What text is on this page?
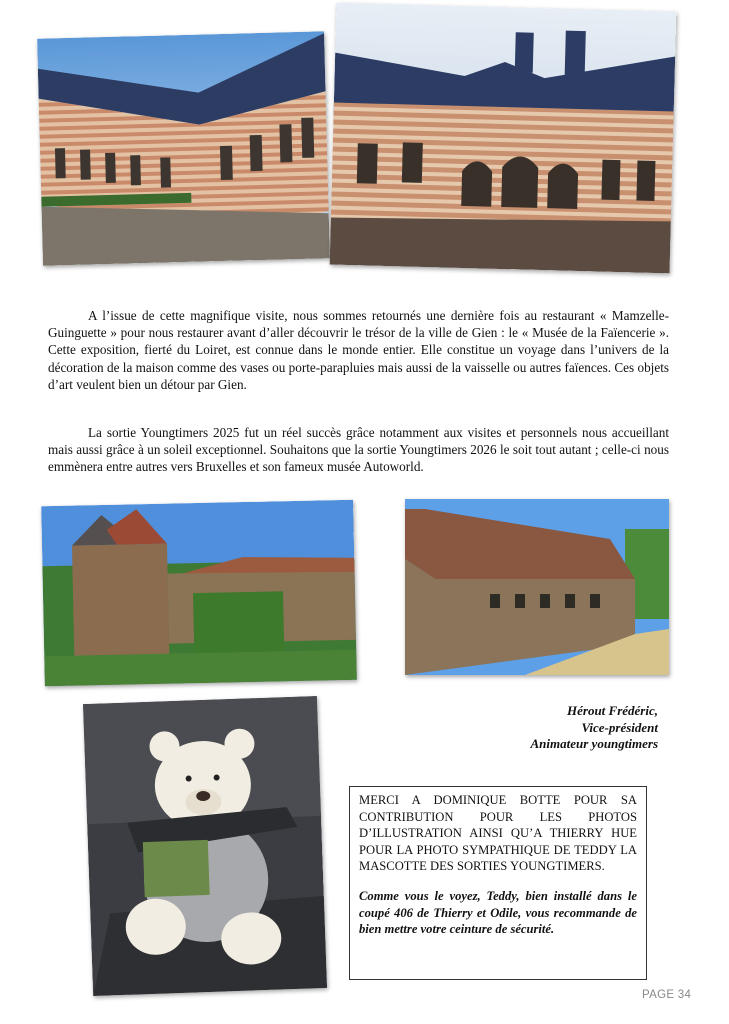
A l’issue de cette magnifique visite, nous sommes retournés une dernière fois au restaurant « Mamzelle-Guinguette » pour nous restaurer avant d’aller découvrir le trésor de la ville de Gien : le « Musée de la Faïencerie ». Cette exposition, fierté du Loiret, est connue dans le monde entier. Elle constitue un voyage dans l’univers de la décoration de la maison comme des vases ou porte-parapluies mais aussi de la vaisselle ou autres faïences. Ces objets d’art veulent bien un détour par Gien.

La sortie Youngtimers 2025 fut un réel succès grâce notamment aux visites et personnels nous accueillant mais aussi grâce à un soleil exceptionnel. Souhaitons que la sortie Youngtimers 2026 le soit tout autant ; celle-ci nous emmènera entre autres vers Bruxelles et son fameux musée Autoworld.

Hérout Frédéric,
Vice-président
Animateur youngtimers

MERCI A DOMINIQUE BOTTE POUR SA CONTRIBUTION POUR LES PHOTOS D’ILLUSTRATION AINSI QU’A THIERRY HUE POUR LA PHOTO SYMPATHIQUE DE TEDDY LA MASCOTTE DES SORTIES YOUNGTIMERS.

Comme vous le voyez, Teddy, bien installé dans le coupé 406 de Thierry et Odile, vous recommande de bien mettre votre ceinture de sécurité.

PAGE 34
